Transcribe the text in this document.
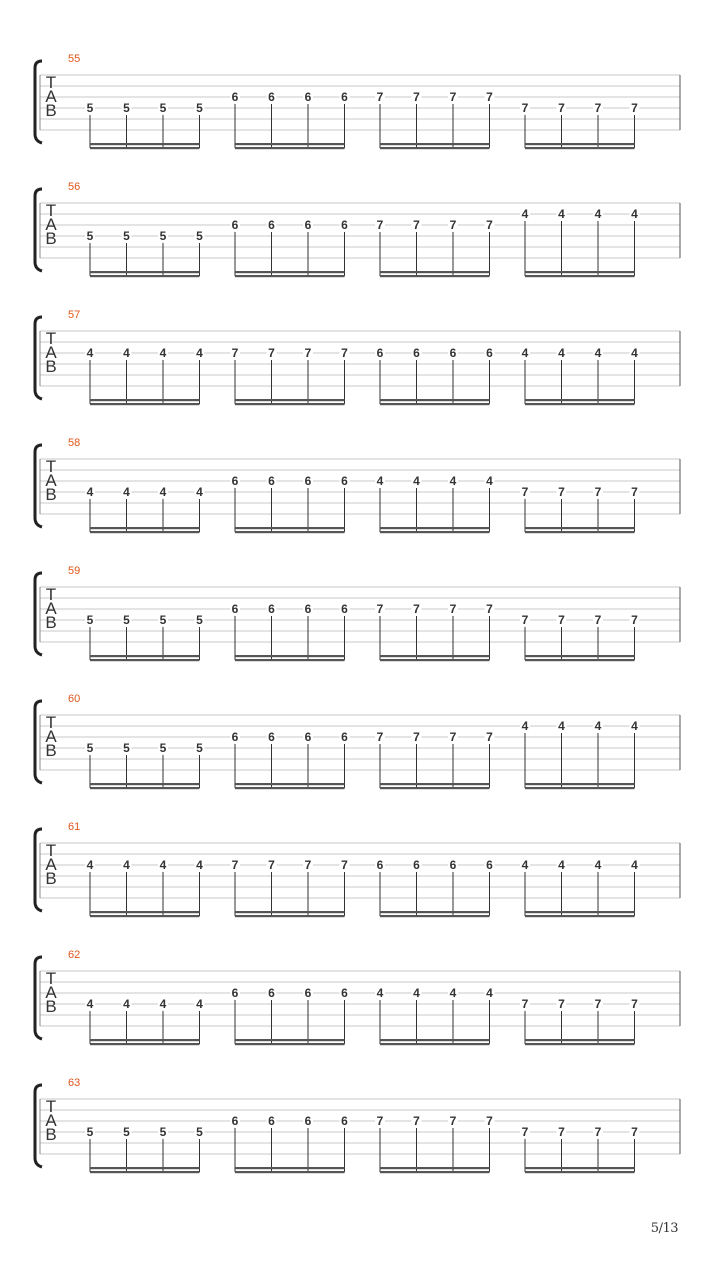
55
T
A
B 5 5 5 5
6 6 6 6 7 7 7 7
7 7 7 7
56
T
A
B 5 5 5 5
6 6 6 6 7 7 7 7
4 4 4 4
57
T
A
B
4 4 4 4 7 7 7 7 6 6 6 6 4 4 4 4
58
T
A
B 4 4 4 4
6 6 6 6 4 4 4 4
7 7 7 7
59
T
A
B 5 5 5 5
6 6 6 6 7 7 7 7
7 7 7 7
60
T
A
B 5 5 5 5
6 6 6 6 7 7 7 7
4 4 4 4
61
T
A
B
4 4 4 4 7 7 7 7 6 6 6 6 4 4 4 4
62
T
A
B 4 4 4 4
6 6 6 6 4 4 4 4
7 7 7 7
63
T
A
B 5 5 5 5
6 6 6 6 7 7 7 7
7 7 7 7
5/13
